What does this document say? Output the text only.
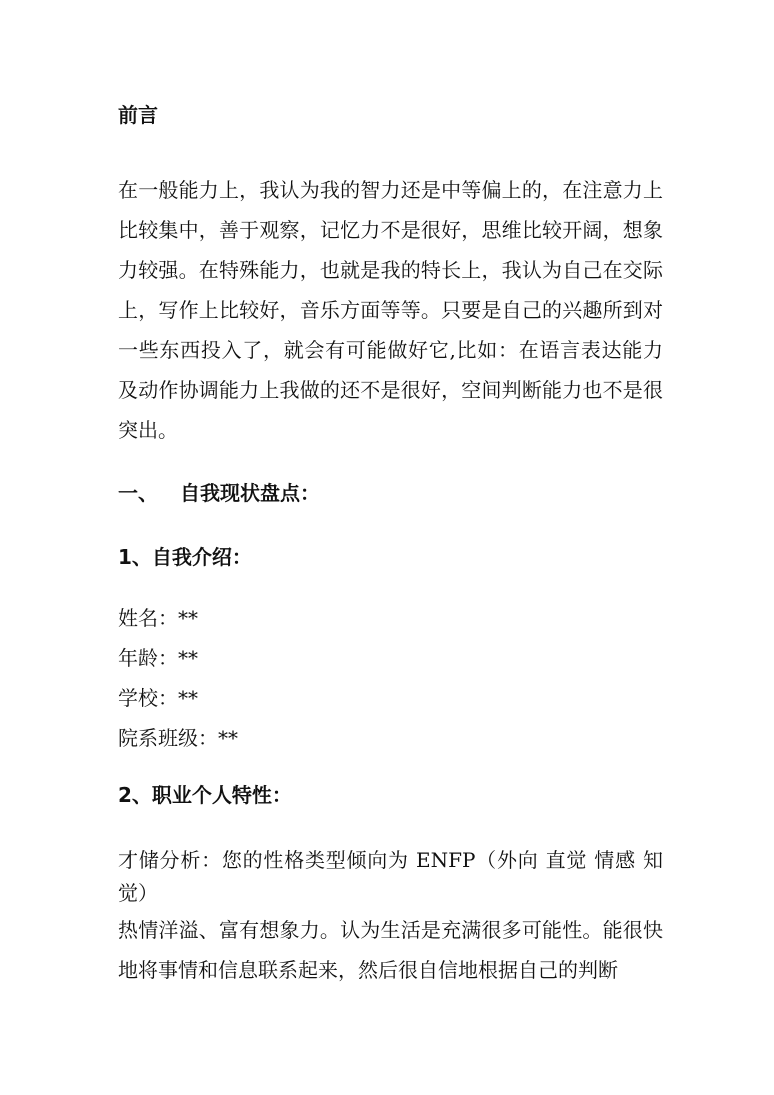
前言

在一般能力上，我认为我的智力还是中等偏上的，在注意力上比较集中，善于观察，记忆力不是很好，思维比较开阔，想象力较强。在特殊能力，也就是我的特长上，我认为自己在交际上，写作上比较好，音乐方面等等。只要是自己的兴趣所到对一些东西投入了，就会有可能做好它,比如：在语言表达能力及动作协调能力上我做的还不是很好，空间判断能力也不是很突出。

一、 自我现状盘点：

1、自我介绍：

姓名：**

年龄：**

学校：**

院系班级：**

2、职业个人特性：

才储分析：您的性格类型倾向为 ENFP（外向 直觉 情感 知觉）

热情洋溢、富有想象力。认为生活是充满很多可能性。能很快地将事情和信息联系起来，然后很自信地根据自己的判断
